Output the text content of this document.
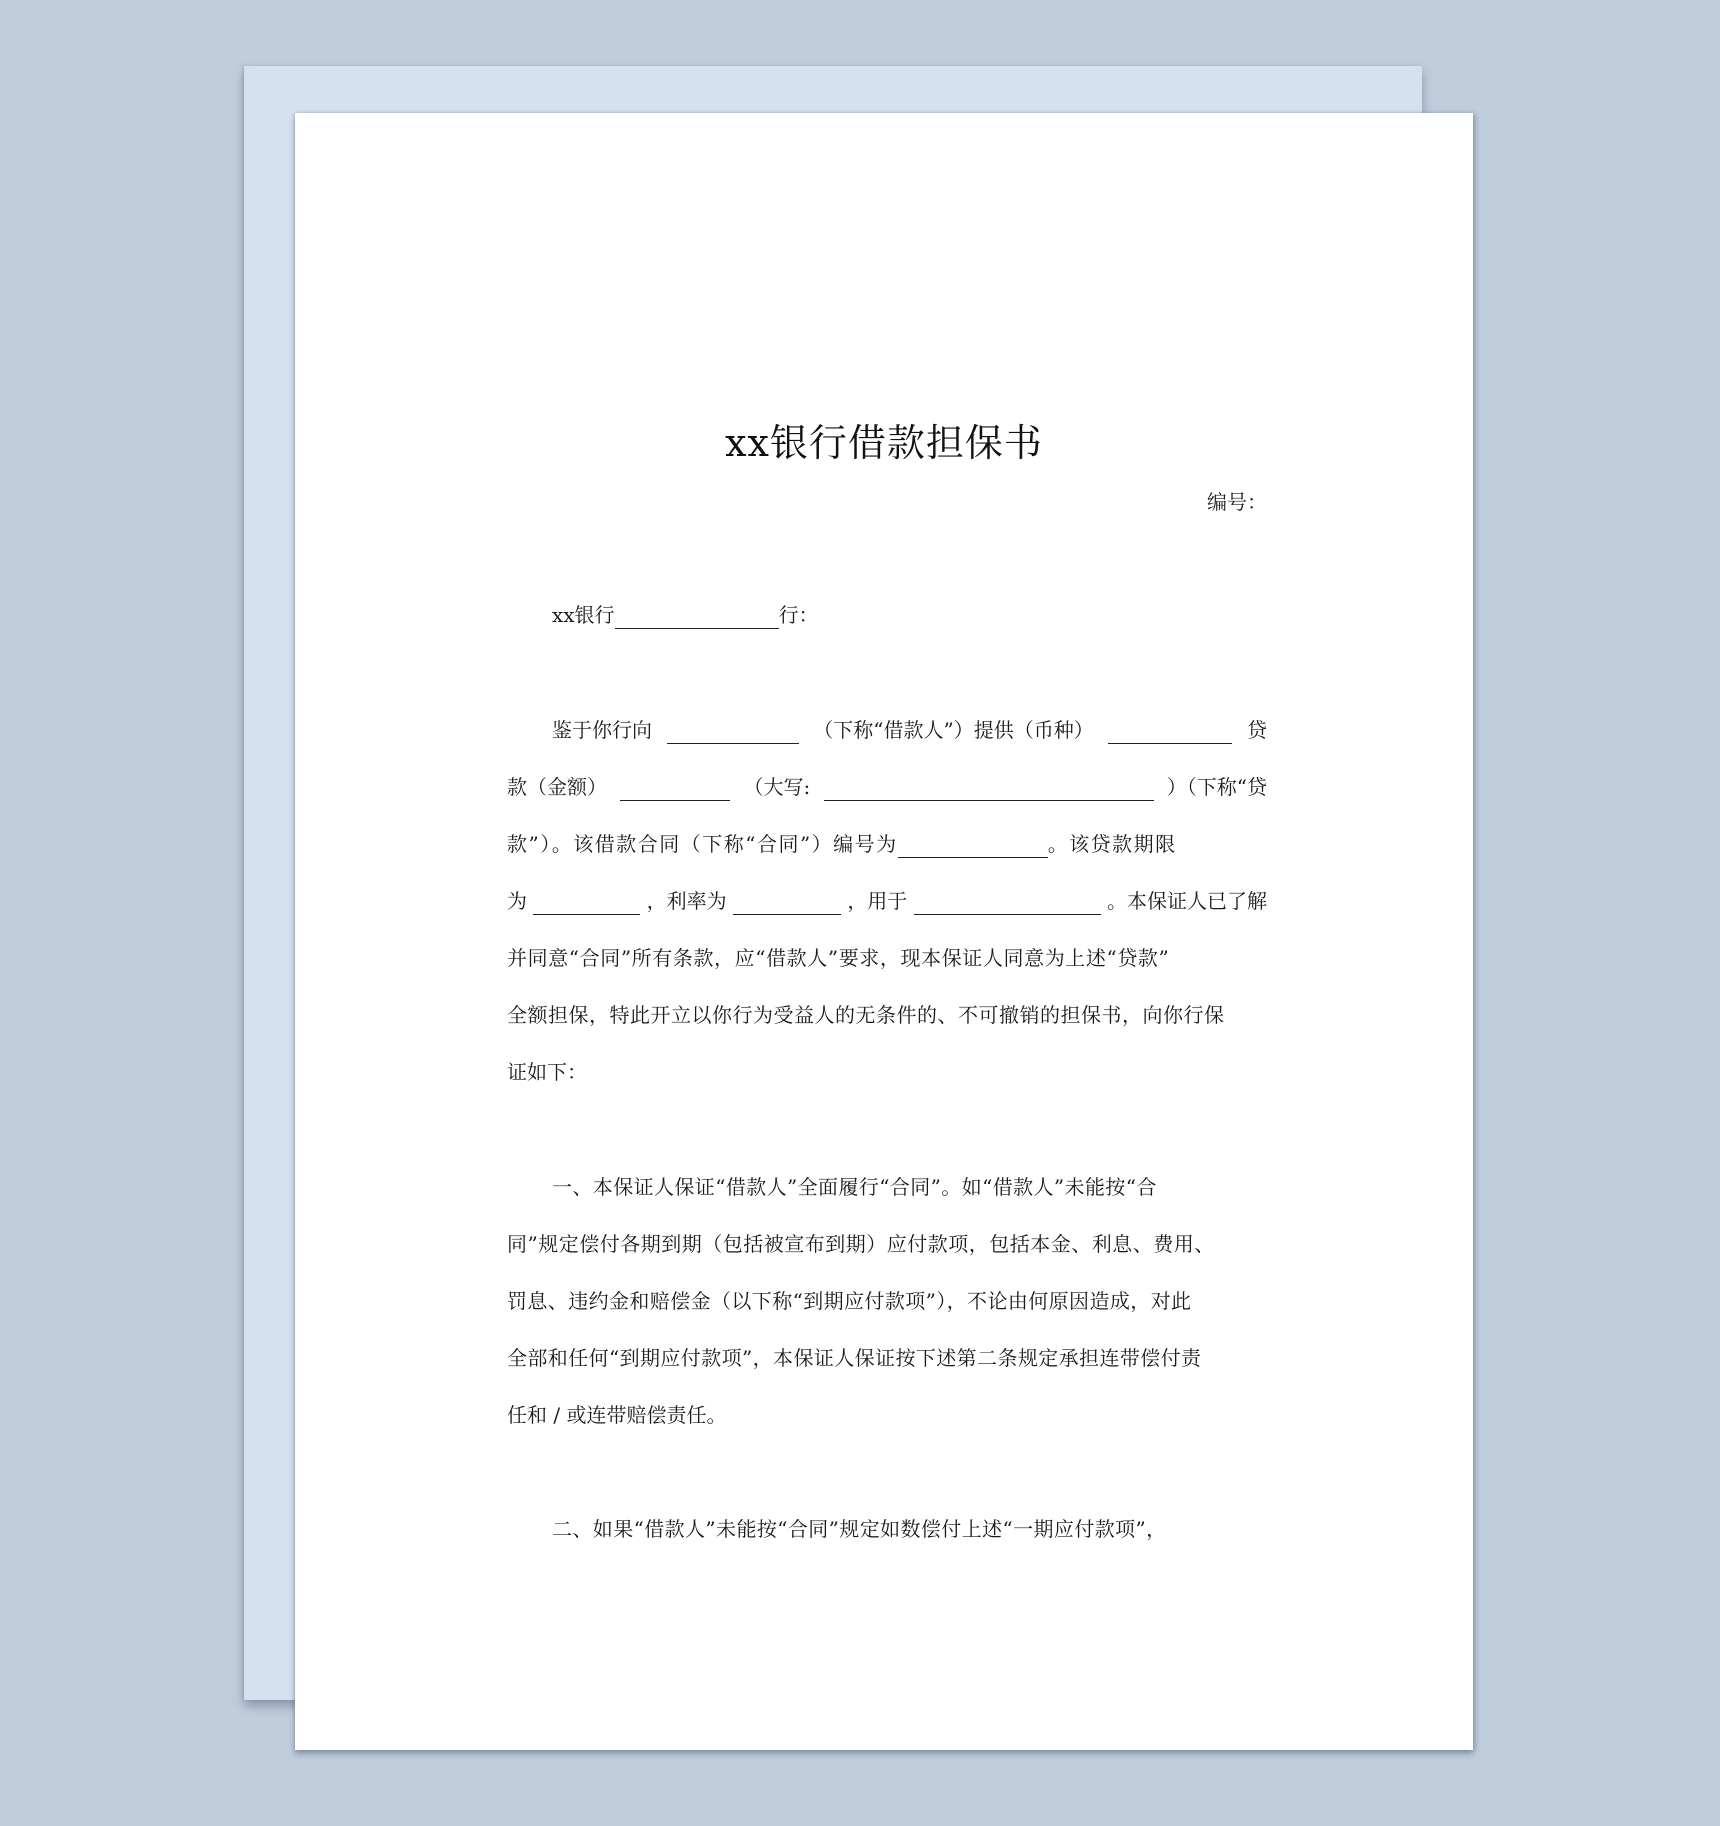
xx银行借款担保书
编号：
xx银行	行：
鉴于你行向	（下称“借款人”）提供（币种）	贷
款（金额）	（大写:	）（下称“贷
款”）。该借款合同（下称“合同”）编号为	。该贷款期限
为	，利率为	，用于	。本保证人已了解
并同意“合同”所有条款，应“借款人”要求，现本保证人同意为上述“贷款”
全额担保，特此开立以你行为受益人的无条件的、不可撤销的担保书，向你行保
证如下：
一、本保证人保证“借款人”全面履行“合同”。如“借款人”未能按“合
同”规定偿付各期到期（包括被宣布到期）应付款项，包括本金、利息、费用、
罚息、违约金和赔偿金（以下称“到期应付款项”），不论由何原因造成，对此
全部和任何“到期应付款项”，本保证人保证按下述第二条规定承担连带偿付责
任和 / 或连带赔偿责任。
二、如果“借款人”未能按“合同”规定如数偿付上述“一期应付款项”，
